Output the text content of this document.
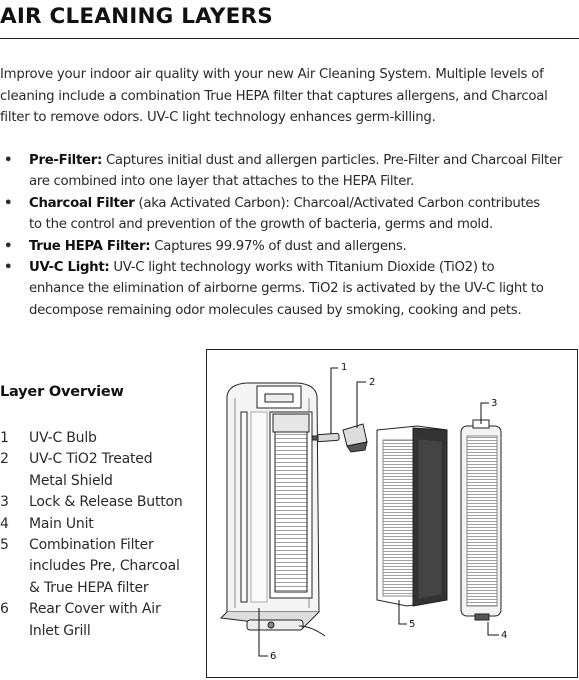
AIR CLEANING LAYERS

Improve your indoor air quality with your new Air Cleaning System. Multiple levels of
cleaning include a combination True HEPA filter that captures allergens, and Charcoal
filter to remove odors. UV-C light technology enhances germ-killing.

• Pre-Filter: Captures initial dust and allergen particles. Pre-Filter and Charcoal Filter
are combined into one layer that attaches to the HEPA Filter.
• Charcoal Filter (aka Activated Carbon): Charcoal/Activated Carbon contributes
to the control and prevention of the growth of bacteria, germs and mold.
• True HEPA Filter: Captures 99.97% of dust and allergens.
• UV-C Light: UV-C light technology works with Titanium Dioxide (TiO2) to
enhance the elimination of airborne germs. TiO2 is activated by the UV-C light to
decompose remaining odor molecules caused by smoking, cooking and pets.
Layer Overview
1	UV-C Bulb
2	UV-C TiO2 Treated
Metal Shield
3	Lock & Release Button
4	Main Unit
5	Combination Filter
includes Pre, Charcoal
& True HEPA filter
6	Rear Cover with Air
Inlet Grill
1
2
3
4
5
6
